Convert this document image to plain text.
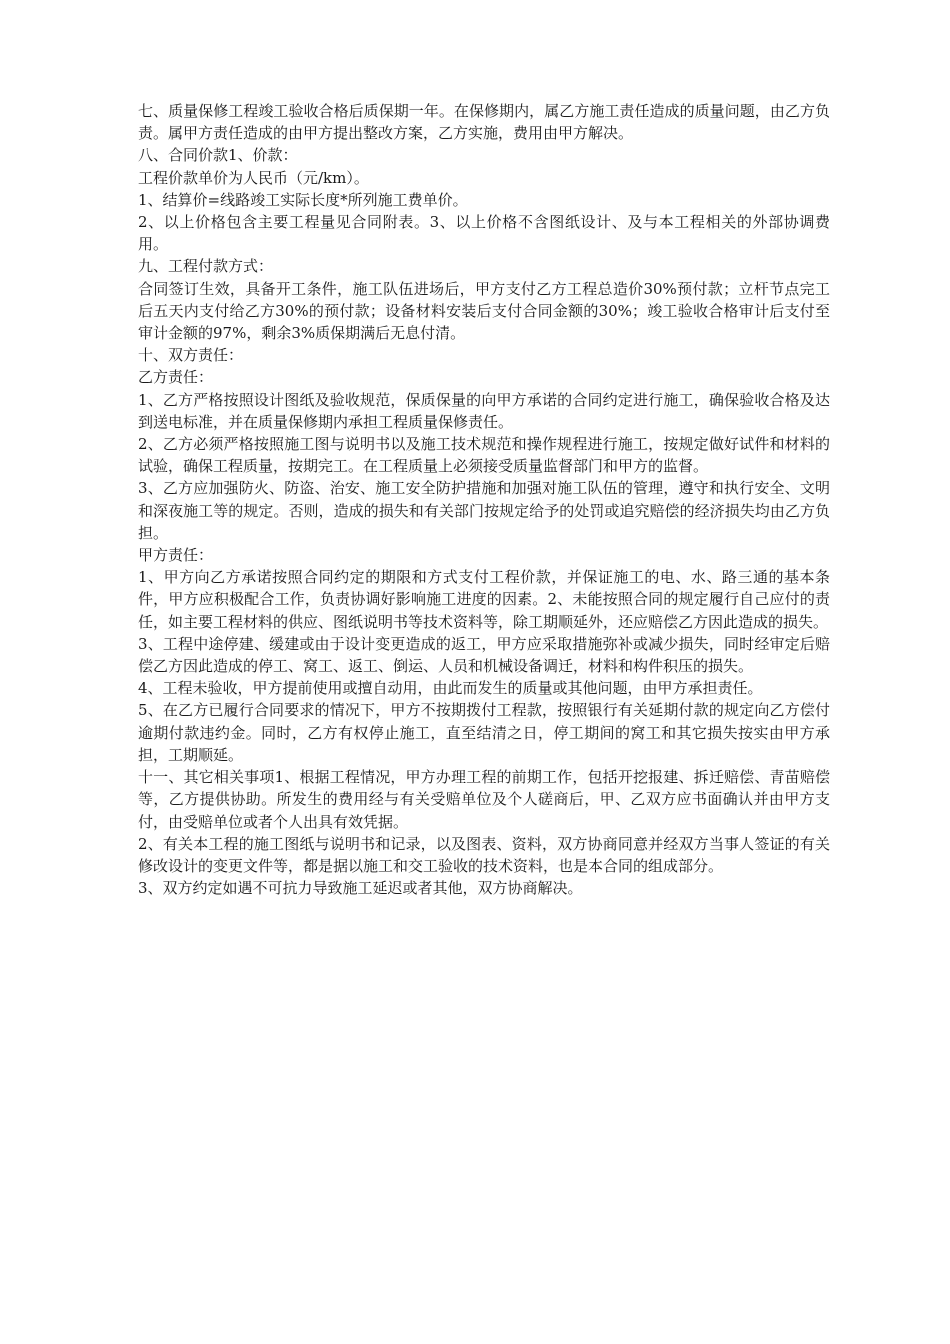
七、质量保修工程竣工验收合格后质保期一年。在保修期内，属乙方施工责任造成的质量问题，由乙方负责。属甲方责任造成的由甲方提出整改方案，乙方实施，费用由甲方解决。

八、合同价款1、价款：

工程价款单价为人民币（元/km）。

1、结算价=线路竣工实际长度*所列施工费单价。

2、以上价格包含主要工程量见合同附表。3、以上价格不含图纸设计、及与本工程相关的外部协调费用。

九、工程付款方式：

合同签订生效，具备开工条件，施工队伍进场后，甲方支付乙方工程总造价30%预付款；立杆节点完工后五天内支付给乙方30%的预付款；设备材料安装后支付合同金额的30%；竣工验收合格审计后支付至审计金额的97%，剩余3%质保期满后无息付清。

十、双方责任：

乙方责任：

1、乙方严格按照设计图纸及验收规范，保质保量的向甲方承诺的合同约定进行施工，确保验收合格及达到送电标准，并在质量保修期内承担工程质量保修责任。

2、乙方必须严格按照施工图与说明书以及施工技术规范和操作规程进行施工，按规定做好试件和材料的试验，确保工程质量，按期完工。在工程质量上必须接受质量监督部门和甲方的监督。

3、乙方应加强防火、防盗、治安、施工安全防护措施和加强对施工队伍的管理，遵守和执行安全、文明和深夜施工等的规定。否则，造成的损失和有关部门按规定给予的处罚或追究赔偿的经济损失均由乙方负担。

甲方责任：

1、甲方向乙方承诺按照合同约定的期限和方式支付工程价款，并保证施工的电、水、路三通的基本条件，甲方应积极配合工作，负责协调好影响施工进度的因素。2、未能按照合同的规定履行自己应付的责任，如主要工程材料的供应、图纸说明书等技术资料等，除工期顺延外，还应赔偿乙方因此造成的损失。

3、工程中途停建、缓建或由于设计变更造成的返工，甲方应采取措施弥补或减少损失，同时经审定后赔偿乙方因此造成的停工、窝工、返工、倒运、人员和机械设备调迁，材料和构件积压的损失。

4、工程未验收，甲方提前使用或擅自动用，由此而发生的质量或其他问题，由甲方承担责任。

5、在乙方已履行合同要求的情况下，甲方不按期拨付工程款，按照银行有关延期付款的规定向乙方偿付逾期付款违约金。同时，乙方有权停止施工，直至结清之日，停工期间的窝工和其它损失按实由甲方承担，工期顺延。

十一、其它相关事项1、根据工程情况，甲方办理工程的前期工作，包括开挖报建、拆迁赔偿、青苗赔偿等，乙方提供协助。所发生的费用经与有关受赔单位及个人磋商后，甲、乙双方应书面确认并由甲方支付，由受赔单位或者个人出具有效凭据。

2、有关本工程的施工图纸与说明书和记录，以及图表、资料，双方协商同意并经双方当事人签证的有关修改设计的变更文件等，都是据以施工和交工验收的技术资料，也是本合同的组成部分。

3、双方约定如遇不可抗力导致施工延迟或者其他，双方协商解决。
